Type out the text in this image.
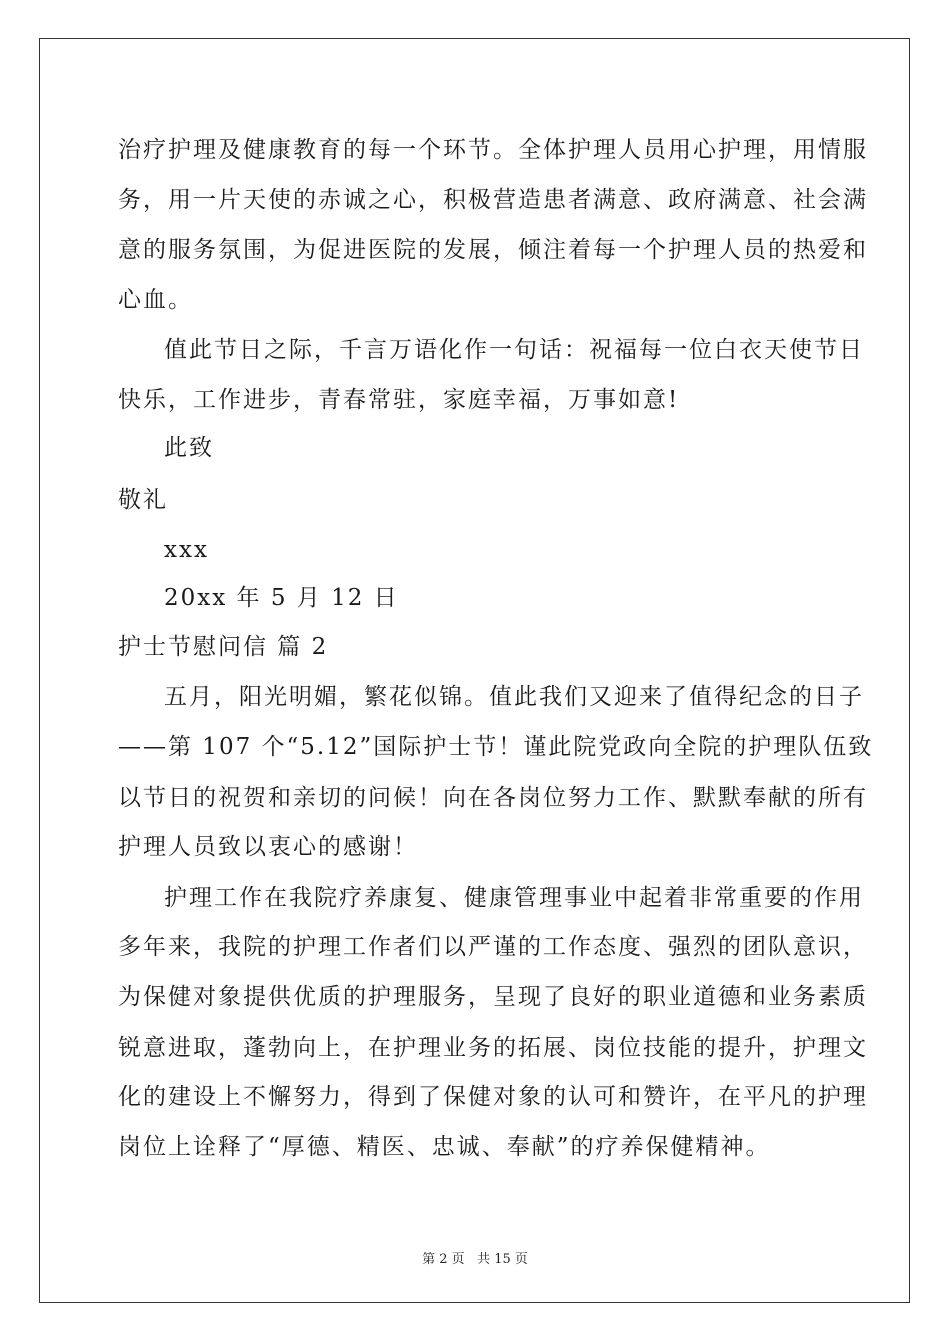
治疗护理及健康教育的每一个环节。全体护理人员用心护理，用情服
务，用一片天使的赤诚之心，积极营造患者满意、政府满意、社会满
意的服务氛围，为促进医院的发展，倾注着每一个护理人员的热爱和
心血。
值此节日之际，千言万语化作一句话：祝福每一位白衣天使节日
快乐，工作进步，青春常驻，家庭幸福，万事如意!
此致
敬礼
xxx
20xx 年 5 月 12 日
护士节慰问信 篇 2
五月，阳光明媚，繁花似锦。值此我们又迎来了值得纪念的日子
——第 107 个“5.12”国际护士节！谨此院党政向全院的护理队伍致
以节日的祝贺和亲切的问候！向在各岗位努力工作、默默奉献的所有
护理人员致以衷心的感谢！
护理工作在我院疗养康复、健康管理事业中起着非常重要的作用
多年来，我院的护理工作者们以严谨的工作态度、强烈的团队意识，
为保健对象提供优质的护理服务，呈现了良好的职业道德和业务素质
锐意进取，蓬勃向上，在护理业务的拓展、岗位技能的提升，护理文
化的建设上不懈努力，得到了保健对象的认可和赞许，在平凡的护理
岗位上诠释了“厚德、精医、忠诚、奉献”的疗养保健精神。
第 2 页   共 15 页
